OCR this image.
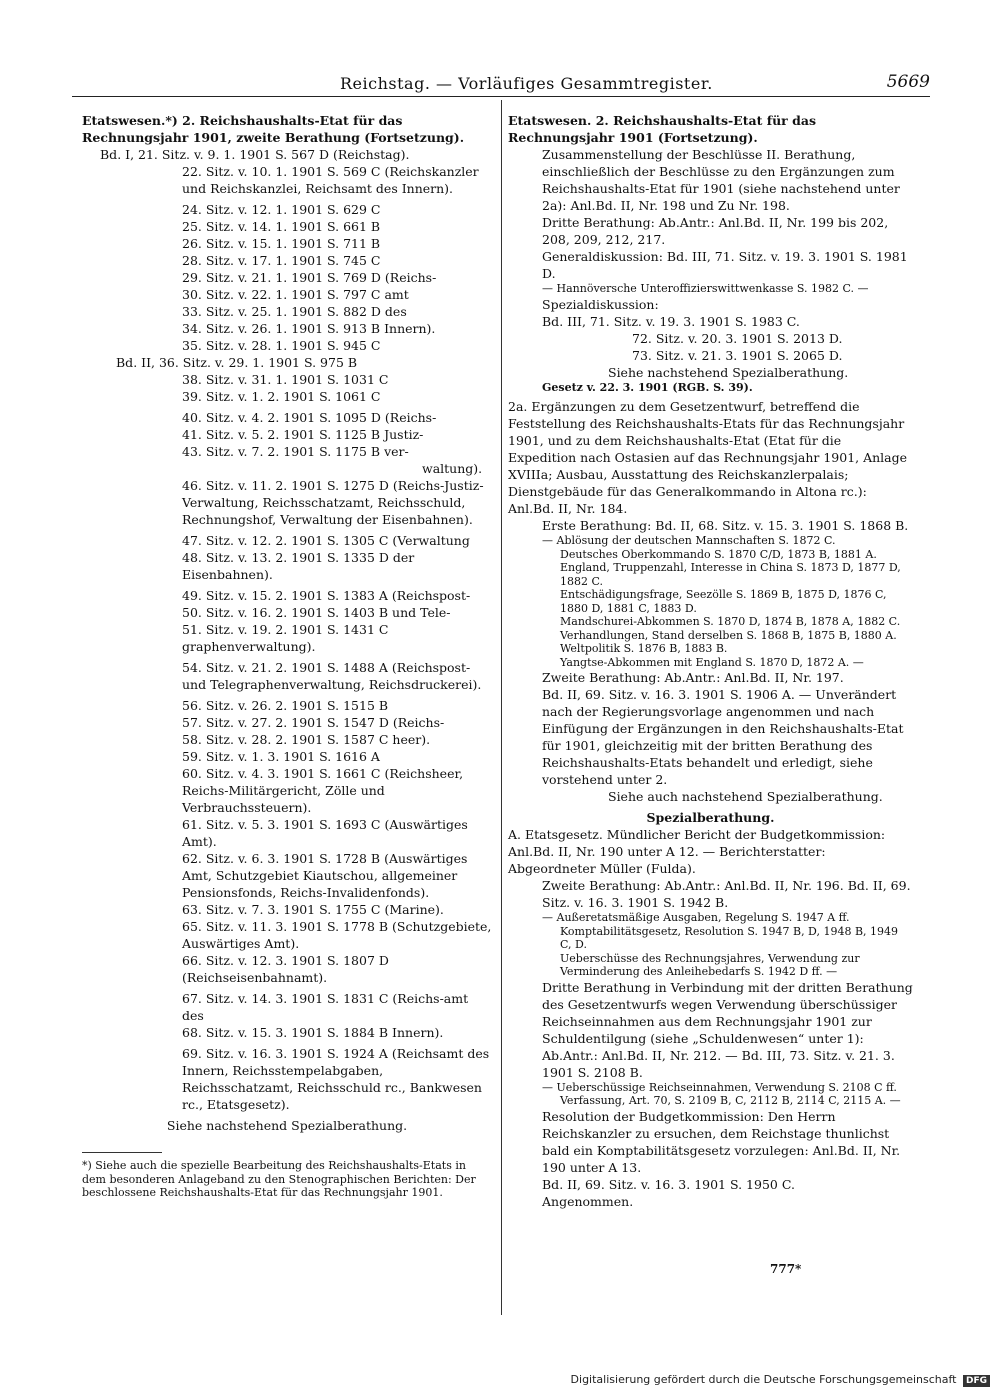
Reichstag. — Vorläufiges Gesammtregister.	5669

Etatswesen.*) 2. Reichshaushalts-Etat für das Rechnungsjahr 1901, zweite Berathung (Fortsetzung).

Bd. I, 21. Sitz. v. 9. 1. 1901 S. 567 D (Reichstag).

22. Sitz. v. 10. 1. 1901 S. 569 C (Reichskanzler und Reichskanzlei, Reichsamt des Innern).

24. Sitz. v. 12. 1. 1901 S. 629 C

25. Sitz. v. 14. 1. 1901 S. 661 B

26. Sitz. v. 15. 1. 1901 S. 711 B

28. Sitz. v. 17. 1. 1901 S. 745 C

29. Sitz. v. 21. 1. 1901 S. 769 D (Reichs-

30. Sitz. v. 22. 1. 1901 S. 797 C amt

33. Sitz. v. 25. 1. 1901 S. 882 D des

34. Sitz. v. 26. 1. 1901 S. 913 B Innern).

35. Sitz. v. 28. 1. 1901 S. 945 C

Bd. II, 36. Sitz. v. 29. 1. 1901 S. 975 B

38. Sitz. v. 31. 1. 1901 S. 1031 C

39. Sitz. v. 1. 2. 1901 S. 1061 C

40. Sitz. v. 4. 2. 1901 S. 1095 D (Reichs-

41. Sitz. v. 5. 2. 1901 S. 1125 B Justiz-

43. Sitz. v. 7. 2. 1901 S. 1175 B ver-

waltung).

46. Sitz. v. 11. 2. 1901 S. 1275 D (Reichs-Justiz-Verwaltung, Reichsschatzamt, Reichsschuld, Rechnungshof, Verwaltung der Eisenbahnen).

47. Sitz. v. 12. 2. 1901 S. 1305 C (Verwaltung

48. Sitz. v. 13. 2. 1901 S. 1335 D der Eisenbahnen).

49. Sitz. v. 15. 2. 1901 S. 1383 A (Reichspost-

50. Sitz. v. 16. 2. 1901 S. 1403 B und Tele-

51. Sitz. v. 19. 2. 1901 S. 1431 C graphenverwaltung).

54. Sitz. v. 21. 2. 1901 S. 1488 A (Reichspost- und Telegraphenverwaltung, Reichsdruckerei).

56. Sitz. v. 26. 2. 1901 S. 1515 B

57. Sitz. v. 27. 2. 1901 S. 1547 D (Reichs-

58. Sitz. v. 28. 2. 1901 S. 1587 C heer).

59. Sitz. v. 1. 3. 1901 S. 1616 A

60. Sitz. v. 4. 3. 1901 S. 1661 C (Reichsheer, Reichs-Militärgericht, Zölle und Verbrauchssteuern).

61. Sitz. v. 5. 3. 1901 S. 1693 C (Auswärtiges Amt).

62. Sitz. v. 6. 3. 1901 S. 1728 B (Auswärtiges Amt, Schutzgebiet Kiautschou, allgemeiner Pensionsfonds, Reichs-Invalidenfonds).

63. Sitz. v. 7. 3. 1901 S. 1755 C (Marine).

65. Sitz. v. 11. 3. 1901 S. 1778 B (Schutzgebiete, Auswärtiges Amt).

66. Sitz. v. 12. 3. 1901 S. 1807 D (Reichseisenbahnamt).

67. Sitz. v. 14. 3. 1901 S. 1831 C (Reichs-amt des

68. Sitz. v. 15. 3. 1901 S. 1884 B Innern).

69. Sitz. v. 16. 3. 1901 S. 1924 A (Reichsamt des Innern, Reichsstempelabgaben, Reichsschatzamt, Reichsschuld rc., Bankwesen rc., Etatsgesetz).

Siehe nachstehend Spezialberathung.

*) Siehe auch die spezielle Bearbeitung des Reichshaushalts-Etats in dem besonderen Anlageband zu den Stenographischen Berichten: Der beschlossene Reichshaushalts-Etat für das Rechnungsjahr 1901.

Etatswesen. 2. Reichshaushalts-Etat für das Rechnungsjahr 1901 (Fortsetzung).

Zusammenstellung der Beschlüsse II. Berathung, einschließlich der Beschlüsse zu den Ergänzungen zum Reichshaushalts-Etat für 1901 (siehe nachstehend unter 2a): Anl.Bd. II, Nr. 198 und Zu Nr. 198.

Dritte Berathung: Ab.Antr.: Anl.Bd. II, Nr. 199 bis 202, 208, 209, 212, 217.

Generaldiskussion: Bd. III, 71. Sitz. v. 19. 3. 1901 S. 1981 D.

— Hannöversche Unteroffizierswittwenkasse S. 1982 C. —

Spezialdiskussion:

Bd. III, 71. Sitz. v. 19. 3. 1901 S. 1983 C.

72. Sitz. v. 20. 3. 1901 S. 2013 D.

73. Sitz. v. 21. 3. 1901 S. 2065 D.

Siehe nachstehend Spezialberathung.

Gesetz v. 22. 3. 1901 (RGB. S. 39).

2a. Ergänzungen zu dem Gesetzentwurf, betreffend die Feststellung des Reichshaushalts-Etats für das Rechnungsjahr 1901, und zu dem Reichshaushalts-Etat (Etat für die Expedition nach Ostasien auf das Rechnungsjahr 1901, Anlage XVIIIa; Ausbau, Ausstattung des Reichskanzlerpalais; Dienstgebäude für das Generalkommando in Altona rc.): Anl.Bd. II, Nr. 184.

Erste Berathung: Bd. II, 68. Sitz. v. 15. 3. 1901 S. 1868 B.

— Ablösung der deutschen Mannschaften S. 1872 C.

Deutsches Oberkommando S. 1870 C/D, 1873 B, 1881 A.

England, Truppenzahl, Interesse in China S. 1873 D, 1877 D, 1882 C.

Entschädigungsfrage, Seezölle S. 1869 B, 1875 D, 1876 C, 1880 D, 1881 C, 1883 D.

Mandschurei-Abkommen S. 1870 D, 1874 B, 1878 A, 1882 C.

Verhandlungen, Stand derselben S. 1868 B, 1875 B, 1880 A.

Weltpolitik S. 1876 B, 1883 B.

Yangtse-Abkommen mit England S. 1870 D, 1872 A. —

Zweite Berathung: Ab.Antr.: Anl.Bd. II, Nr. 197.

Bd. II, 69. Sitz. v. 16. 3. 1901 S. 1906 A. — Unverändert nach der Regierungsvorlage angenommen und nach Einfügung der Ergänzungen in den Reichshaushalts-Etat für 1901, gleichzeitig mit der britten Berathung des Reichshaushalts-Etats behandelt und erledigt, siehe vorstehend unter 2.

Siehe auch nachstehend Spezialberathung.

Spezialberathung.

A. Etatsgesetz. Mündlicher Bericht der Budgetkommission: Anl.Bd. II, Nr. 190 unter A 12. — Berichterstatter: Abgeordneter Müller (Fulda).

Zweite Berathung: Ab.Antr.: Anl.Bd. II, Nr. 196. Bd. II, 69. Sitz. v. 16. 3. 1901 S. 1942 B.

— Außeretatsmäßige Ausgaben, Regelung S. 1947 A ff.

Komptabilitätsgesetz, Resolution S. 1947 B, D, 1948 B, 1949 C, D.

Ueberschüsse des Rechnungsjahres, Verwendung zur Verminderung des Anleihebedarfs S. 1942 D ff. —

Dritte Berathung in Verbindung mit der dritten Berathung des Gesetzentwurfs wegen Verwendung überschüssiger Reichseinnahmen aus dem Rechnungsjahr 1901 zur Schuldentilgung (siehe „Schuldenwesen“ unter 1): Ab.Antr.: Anl.Bd. II, Nr. 212. — Bd. III, 73. Sitz. v. 21. 3. 1901 S. 2108 B.

— Ueberschüssige Reichseinnahmen, Verwendung S. 2108 C ff.

Verfassung, Art. 70, S. 2109 B, C, 2112 B, 2114 C, 2115 A. —

Resolution der Budgetkommission: Den Herrn Reichskanzler zu ersuchen, dem Reichstage thunlichst bald ein Komptabilitätsgesetz vorzulegen: Anl.Bd. II, Nr. 190 unter A 13.

Bd. II, 69. Sitz. v. 16. 3. 1901 S. 1950 C.

Angenommen.

777*
Digitalisierung gefördert durch die Deutsche Forschungsgemeinschaft DFG
